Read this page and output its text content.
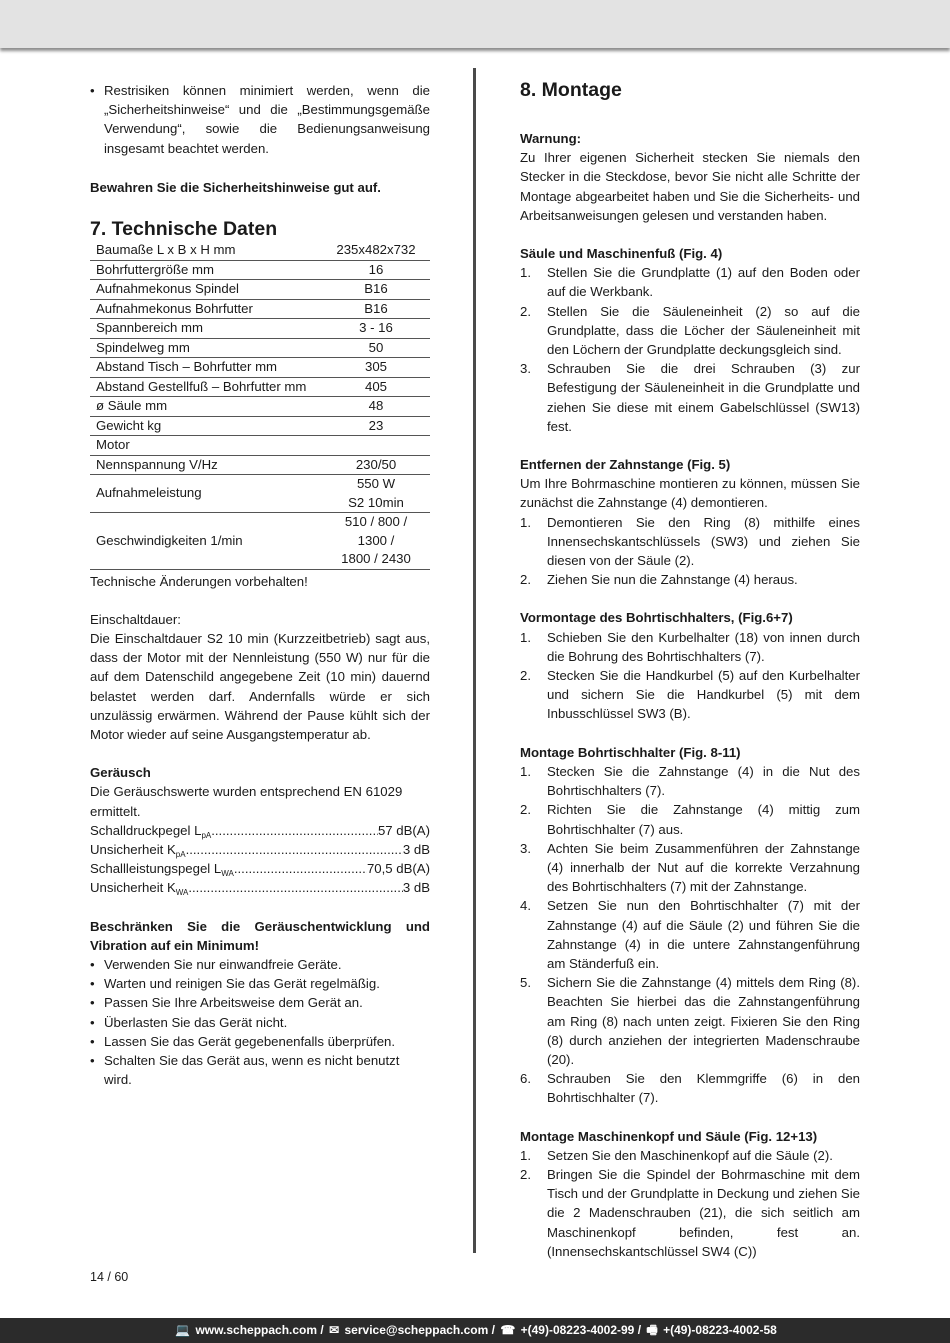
• Restrisiken können minimiert werden, wenn die „Sicherheitshinweise“ und die „Bestimmungsgemäße Verwendung“, sowie die Bedienungsanweisung insgesamt beachtet werden.

Bewahren Sie die Sicherheitshinweise gut auf.

7. Technische Daten
Baumaße L x B x H mm	235x482x732
Bohrfuttergröße mm	16
Aufnahmekonus Spindel	B16
Aufnahmekonus Bohrfutter	B16
Spannbereich mm	3 - 16
Spindelweg mm	50
Abstand Tisch – Bohrfutter mm	305
Abstand Gestellfuß – Bohrfutter mm	405
ø Säule mm	48
Gewicht kg	23
Motor	
Nennspannung V/Hz	230/50
Aufnahmeleistung	550 W
S2 10min
Geschwindigkeiten 1/min	510 / 800 /
1300 /
1800 / 2430

Technische Änderungen vorbehalten!

Einschaltdauer:

Die Einschaltdauer S2 10 min (Kurzzeitbetrieb) sagt aus, dass der Motor mit der Nennleistung (550 W) nur für die auf dem Datenschild angegebene Zeit (10 min) dauernd belastet werden darf. Andernfalls würde er sich unzulässig erwärmen. Während der Pause kühlt sich der Motor wieder auf seine Ausgangstemperatur ab.

Geräusch

Die Geräuschswerte wurden entsprechend EN 61029 ermittelt.

Schalldruckpegel $L_{pA}$ .....	57 dB(A)
Unsicherheit $K_{pA}$ .....	3 dB
Schallleistungspegel $L_{WA}$ .....	70,5 dB(A)
Unsicherheit $K_{WA}$ .....	3 dB

Beschränken Sie die Geräuschentwicklung und Vibration auf ein Minimum!

• Verwenden Sie nur einwandfreie Geräte.
• Warten und reinigen Sie das Gerät regelmäßig.
• Passen Sie Ihre Arbeitsweise dem Gerät an.
• Überlasten Sie das Gerät nicht.
• Lassen Sie das Gerät gegebenenfalls überprüfen.
• Schalten Sie das Gerät aus, wenn es nicht benutzt wird.
8. Montage

Warnung:

Zu Ihrer eigenen Sicherheit stecken Sie niemals den Stecker in die Steckdose, bevor Sie nicht alle Schritte der Montage abgearbeitet haben und Sie die Sicherheits- und Arbeitsanweisungen gelesen und verstanden haben.

Säule und Maschinenfuß (Fig. 4)

1. Stellen Sie die Grundplatte (1) auf den Boden oder auf die Werkbank.
2. Stellen Sie die Säuleneinheit (2) so auf die Grundplatte, dass die Löcher der Säuleneinheit mit den Löchern der Grundplatte deckungsgleich sind.
3. Schrauben Sie die drei Schrauben (3) zur Befestigung der Säuleneinheit in die Grundplatte und ziehen Sie diese mit einem Gabelschlüssel (SW13) fest.

Entfernen der Zahnstange (Fig. 5)

Um Ihre Bohrmaschine montieren zu können, müssen Sie zunächst die Zahnstange (4) demontieren.

1. Demontieren Sie den Ring (8) mithilfe eines Innensechskantschlüssels (SW3) und ziehen Sie diesen von der Säule (2).
2. Ziehen Sie nun die Zahnstange (4) heraus.

Vormontage des Bohrtischhalters, (Fig.6+7)

1. Schieben Sie den Kurbelhalter (18) von innen durch die Bohrung des Bohrtischhalters (7).
2. Stecken Sie die Handkurbel (5) auf den Kurbelhalter und sichern Sie die Handkurbel (5) mit dem Inbusschlüssel SW3 (B).

Montage Bohrtischhalter (Fig. 8-11)

1. Stecken Sie die Zahnstange (4) in die Nut des Bohrtischhalters (7).
2. Richten Sie die Zahnstange (4) mittig zum Bohrtischhalter (7) aus.
3. Achten Sie beim Zusammenführen der Zahnstange (4) innerhalb der Nut auf die korrekte Verzahnung des Bohrtischhalters (7) mit der Zahnstange.
4. Setzen Sie nun den Bohrtischhalter (7) mit der Zahnstange (4) auf die Säule (2) und führen Sie die Zahnstange (4) in die untere Zahnstangenführung am Ständerfuß ein.
5. Sichern Sie die Zahnstange (4) mittels dem Ring (8). Beachten Sie hierbei das die Zahnstangenführung am Ring (8) nach unten zeigt. Fixieren Sie den Ring (8) durch anziehen der integrierten Madenschraube (20).
6. Schrauben Sie den Klemmgriffe (6) in den Bohrtischhalter (7).

Montage Maschinenkopf und Säule (Fig. 12+13)

1. Setzen Sie den Maschinenkopf auf die Säule (2).
2. Bringen Sie die Spindel der Bohrmaschine mit dem Tisch und der Grundplatte in Deckung und ziehen Sie die 2 Madenschrauben (21), die sich seitlich am Maschinenkopf befinden, fest an. (Innensechskantschlüssel SW4 (C))
14 / 60
💻 www.scheppach.com / ✉ service@scheppach.com / ☎ +(49)-08223-4002-99 / 🖷 +(49)-08223-4002-58
